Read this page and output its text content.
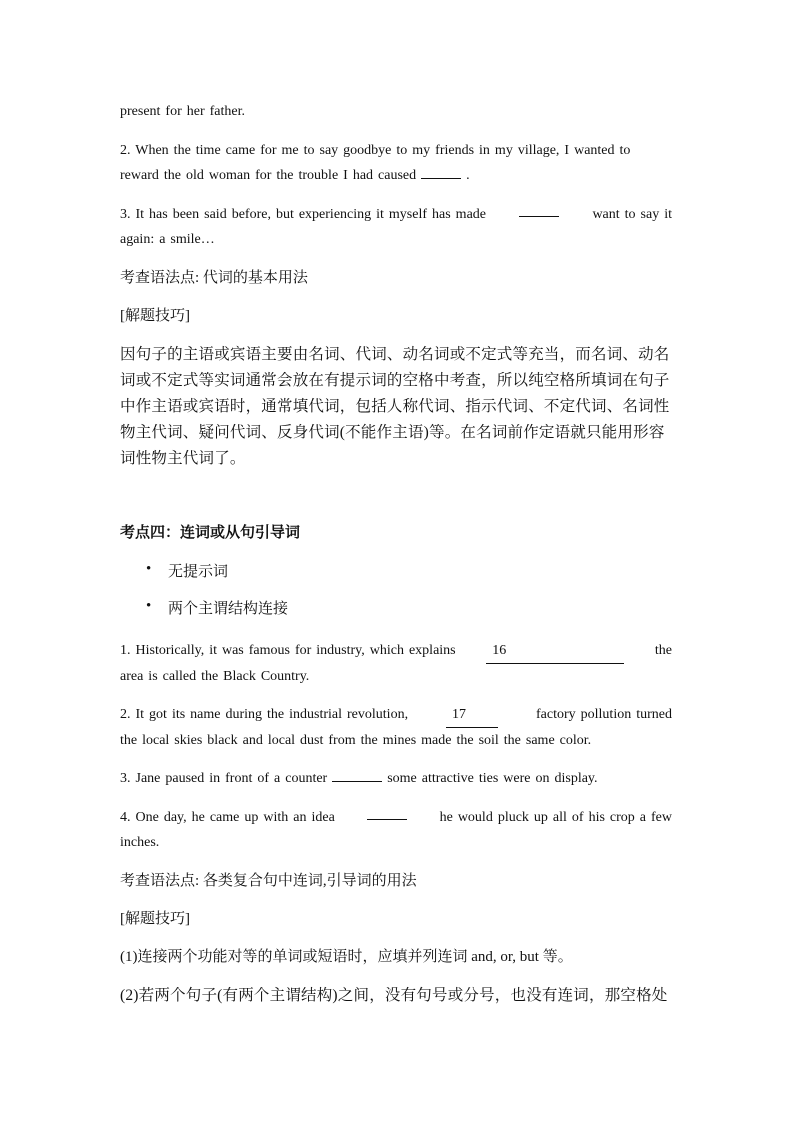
present for her father.
2. When the time came for me to say goodbye to my friends in my village, I wanted to
reward the old woman for the trouble I had caused	.
3. It has been said before, but experiencing it myself has made	want to say it
again: a smile…
考查语法点: 代词的基本用法
[解题技巧]
因句子的主语或宾语主要由名词、代词、动名词或不定式等充当，而名词、动名
词或不定式等实词通常会放在有提示词的空格中考查，所以纯空格所填词在句子
中作主语或宾语时，通常填代词，包括人称代词、指示代词、不定代词、名词性
物主代词、疑问代词、反身代词(不能作主语)等。在名词前作定语就只能用形容
词性物主代词了。
考点四：连词或从句引导词
• 无提示词
• 两个主谓结构连接
1. Historically, it was famous for industry, which explains	16	the
area is called the Black Country.
2. It got its name during the industrial revolution,	17	factory pollution turned
the local skies black and local dust from the mines made the soil the same color.
3. Jane paused in front of a counter	some attractive ties were on display.
4. One day, he came up with an idea	he would pluck up all of his crop a few
inches.
考查语法点: 各类复合句中连词,引导词的用法
[解题技巧]
(1)连接两个功能对等的单词或短语时，应填并列连词 and, or, but 等。
(2)若两个句子(有两个主谓结构)之间，没有句号或分号，也没有连词，那空格处
